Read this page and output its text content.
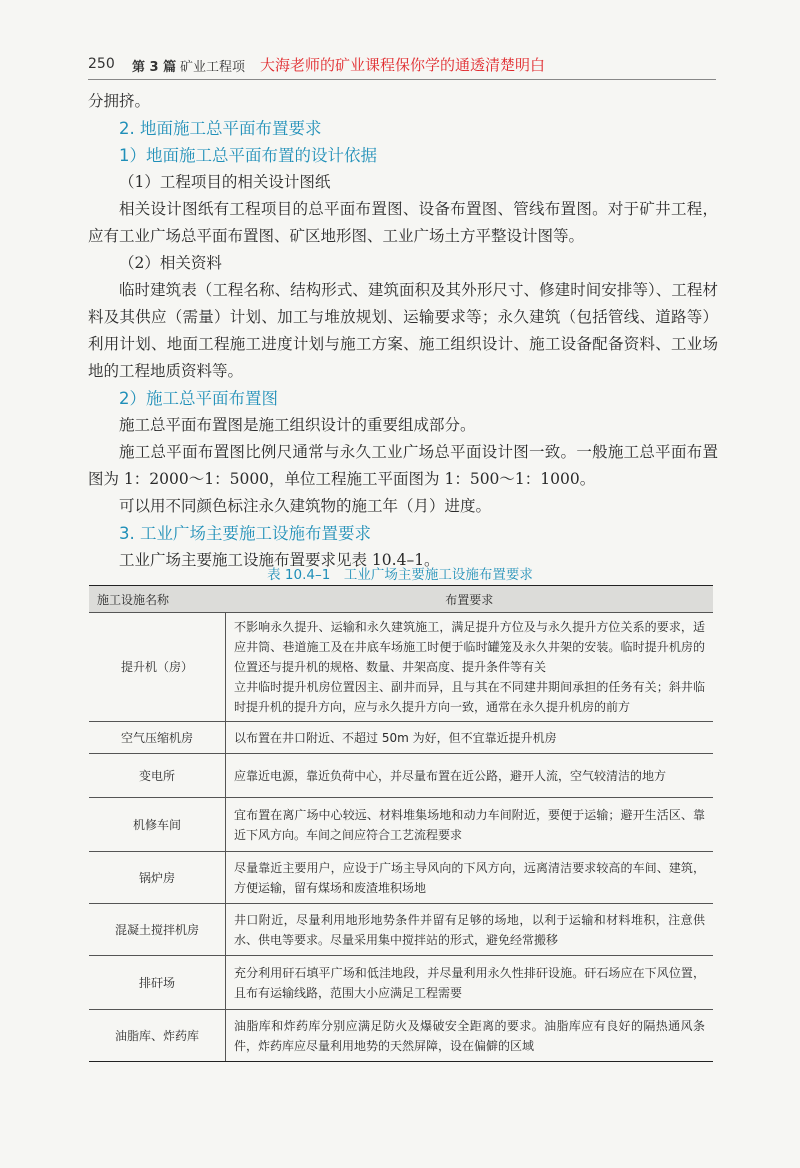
250 第 3 篇 矿业工程项 大海老师的矿业课程保你学的通透清楚明白

分拥挤。

2. 地面施工总平面布置要求

1）地面施工总平面布置的设计依据

（1）工程项目的相关设计图纸

相关设计图纸有工程项目的总平面布置图、设备布置图、管线布置图。对于矿井工程，应有工业广场总平面布置图、矿区地形图、工业广场土方平整设计图等。

（2）相关资料

临时建筑表（工程名称、结构形式、建筑面积及其外形尺寸、修建时间安排等）、工程材料及其供应（需量）计划、加工与堆放规划、运输要求等；永久建筑（包括管线、道路等）利用计划、地面工程施工进度计划与施工方案、施工组织设计、施工设备配备资料、工业场地的工程地质资料等。

2）施工总平面布置图

施工总平面布置图是施工组织设计的重要组成部分。

施工总平面布置图比例尺通常与永久工业广场总平面设计图一致。一般施工总平面布置图为 1：2000～1：5000，单位工程施工平面图为 1：500～1：1000。

可以用不同颜色标注永久建筑物的施工年（月）进度。

3. 工业广场主要施工设施布置要求

工业广场主要施工设施布置要求见表 10.4–1。

表 10.4–1　工业广场主要施工设施布置要求
施工设施名称	布置要求
提升机（房）	不影响永久提升、运输和永久建筑施工，满足提升方位及与永久提升方位关系的要求，适应井筒、巷道施工及在井底车场施工时便于临时罐笼及永久井架的安装。临时提升机房的位置还与提升机的规格、数量、井架高度、提升条件等有关
立井临时提升机房位置因主、副井而异，且与其在不同建井期间承担的任务有关；斜井临时提升机的提升方向，应与永久提升方向一致，通常在永久提升机房的前方

空气压缩机房	以布置在井口附近、不超过 50m 为好，但不宜靠近提升机房
变电所	应靠近电源，靠近负荷中心，并尽量布置在近公路，避开人流，空气较清洁的地方
机修车间	宜布置在离广场中心较远、材料堆集场地和动力车间附近，要便于运输；避开生活区、靠近下风方向。车间之间应符合工艺流程要求
锅炉房	尽量靠近主要用户，应设于广场主导风向的下风方向，远离清洁要求较高的车间、建筑，方便运输，留有煤场和废渣堆积场地
混凝土搅拌机房	井口附近，尽量利用地形地势条件并留有足够的场地，以利于运输和材料堆积，注意供水、供电等要求。尽量采用集中搅拌站的形式，避免经常搬移
排矸场	充分利用矸石填平广场和低洼地段，并尽量利用永久性排矸设施。矸石场应在下风位置，且布有运输线路，范围大小应满足工程需要
油脂库、炸药库	油脂库和炸药库分别应满足防火及爆破安全距离的要求。油脂库应有良好的隔热通风条件，炸药库应尽量利用地势的天然屏障，设在偏僻的区域
